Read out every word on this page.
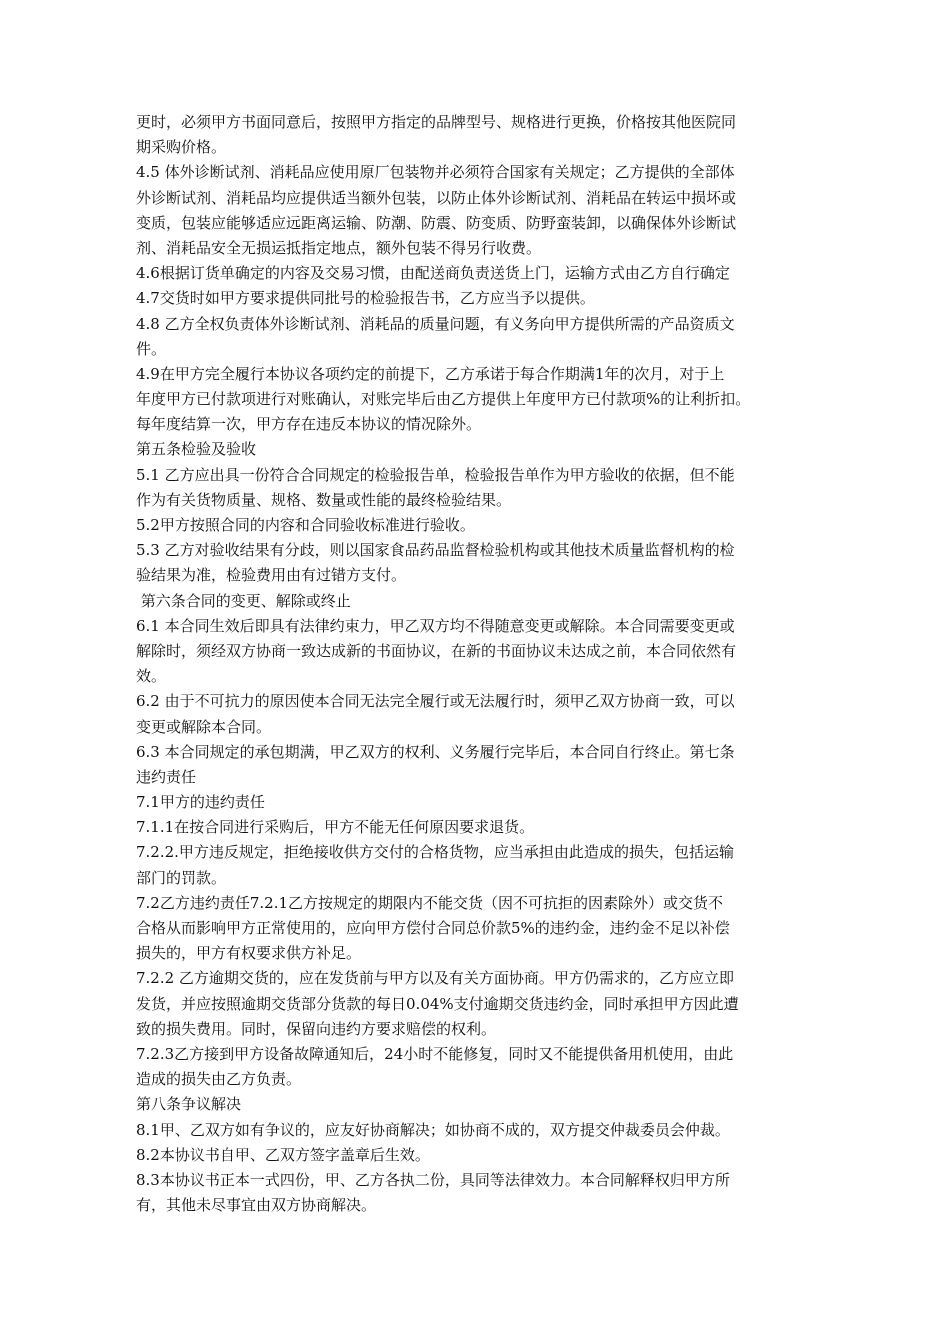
更时，必须甲方书面同意后，按照甲方指定的品牌型号、规格进行更换，价格按其他医院同
期采购价格。
4.5 体外诊断试剂、消耗品应使用原厂包装物并必须符合国家有关规定；乙方提供的全部体
外诊断试剂、消耗品均应提供适当额外包装，以防止体外诊断试剂、消耗品在转运中损坏或
变质，包装应能够适应远距离运输、防潮、防震、防变质、防野蛮装卸，以确保体外诊断试
剂、消耗品安全无损运抵指定地点，额外包装不得另行收费。
4.6根据订货单确定的内容及交易习惯，由配送商负责送货上门，运输方式由乙方自行确定
4.7交货时如甲方要求提供同批号的检验报告书，乙方应当予以提供。
4.8 乙方全权负责体外诊断试剂、消耗品的质量问题，有义务向甲方提供所需的产品资质文
件。
4.9在甲方完全履行本协议各项约定的前提下，乙方承诺于每合作期满1年的次月，对于上
年度甲方已付款项进行对账确认，对账完毕后由乙方提供上年度甲方已付款项%的让利折扣。
每年度结算一次，甲方存在违反本协议的情况除外。
第五条检验及验收
5.1 乙方应出具一份符合合同规定的检验报告单，检验报告单作为甲方验收的依据，但不能
作为有关货物质量、规格、数量或性能的最终检验结果。
5.2甲方按照合同的内容和合同验收标准进行验收。
5.3 乙方对验收结果有分歧，则以国家食品药品监督检验机构或其他技术质量监督机构的检
验结果为准，检验费用由有过错方支付。
第六条合同的变更、解除或终止
6.1 本合同生效后即具有法律约束力，甲乙双方均不得随意变更或解除。本合同需要变更或
解除时，须经双方协商一致达成新的书面协议，在新的书面协议未达成之前，本合同依然有
效。
6.2 由于不可抗力的原因使本合同无法完全履行或无法履行时，须甲乙双方协商一致，可以
变更或解除本合同。
6.3 本合同规定的承包期满，甲乙双方的权利、义务履行完毕后，本合同自行终止。第七条
违约责任
7.1甲方的违约责任
7.1.1在按合同进行采购后，甲方不能无任何原因要求退货。
7.2.2.甲方违反规定，拒绝接收供方交付的合格货物，应当承担由此造成的损失，包括运输
部门的罚款。
7.2乙方违约责任7.2.1乙方按规定的期限内不能交货（因不可抗拒的因素除外）或交货不
合格从而影响甲方正常使用的，应向甲方偿付合同总价款5%的违约金，违约金不足以补偿
损失的，甲方有权要求供方补足。
7.2.2 乙方逾期交货的，应在发货前与甲方以及有关方面协商。甲方仍需求的，乙方应立即
发货，并应按照逾期交货部分货款的每日0.04%支付逾期交货违约金，同时承担甲方因此遭
致的损失费用。同时，保留向违约方要求赔偿的权利。
7.2.3乙方接到甲方设备故障通知后，24小时不能修复，同时又不能提供备用机使用，由此
造成的损失由乙方负责。
第八条争议解决
8.1甲、乙双方如有争议的，应友好协商解决；如协商不成的，双方提交仲裁委员会仲裁。
8.2本协议书自甲、乙双方签字盖章后生效。
8.3本协议书正本一式四份，甲、乙方各执二份，具同等法律效力。本合同解释权归甲方所
有，其他未尽事宜由双方协商解决。
